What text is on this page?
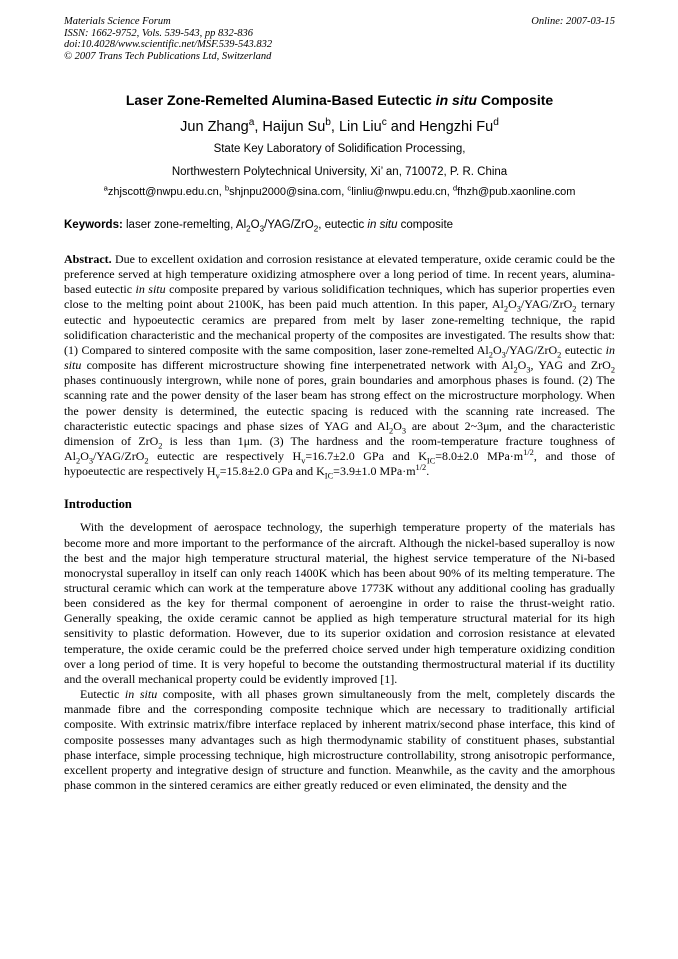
Materials Science Forum
ISSN: 1662-9752, Vols. 539-543, pp 832-836
doi:10.4028/www.scientific.net/MSF.539-543.832
© 2007 Trans Tech Publications Ltd, Switzerland
Online: 2007-03-15
Laser Zone-Remelted Alumina-Based Eutectic in situ Composite
Jun Zhang$^a$, Haijun Su$^b$, Lin Liu$^c$ and Hengzhi Fu$^d$
State Key Laboratory of Solidification Processing,
Northwestern Polytechnical University, Xi’ an, 710072, P. R. China
$^a$zhjscott@nwpu.edu.cn, $^b$shjnpu2000@sina.com, $^c$linliu@nwpu.edu.cn, $^d$fhzh@pub.xaonline.com
Keywords: laser zone-remelting, $Al_2O_3/YAG/ZrO_2$, eutectic in situ composite

Abstract. Due to excellent oxidation and corrosion resistance at elevated temperature, oxide ceramic could be the preference served at high temperature oxidizing atmosphere over a long period of time. In recent years, alumina-based eutectic in situ composite prepared by various solidification techniques, which has superior properties even close to the melting point about 2100K, has been paid much attention. In this paper, $Al_2O_3/YAG/ZrO_2$ ternary eutectic and hypoeutectic ceramics are prepared from melt by laser zone-remelting technique, the rapid solidification characteristic and the mechanical property of the composites are investigated. The results show that: (1) Compared to sintered composite with the same composition, laser zone-remelted $Al_2O_3/YAG/ZrO_2$ eutectic in situ composite has different microstructure showing fine interpenetrated network with $Al_2O_3$, YAG and ZrO$_2$ phases continuously intergrown, while none of pores, grain boundaries and amorphous phases is found. (2) The scanning rate and the power density of the laser beam has strong effect on the microstructure morphology. When the power density is determined, the eutectic spacing is reduced with the scanning rate increased. The characteristic eutectic spacings and phase sizes of YAG and $Al_2O_3$ are about 2~3μm, and the characteristic dimension of ZrO$_2$ is less than 1μm. (3) The hardness and the room-temperature fracture toughness of $Al_2O_3/YAG/ZrO_2$ eutectic are respectively $H_v=16.7\pm 2.0$ GPa and $K_{IC}=8.0\pm 2.0$ $MPa\cdot m^{1/2}$, and those of hypoeutectic are respectively $H_v=15.8\pm 2.0$ GPa and $K_{IC}=3.9\pm 1.0$ $MPa\cdot m^{1/2}$.

Introduction

With the development of aerospace technology, the superhigh temperature property of the materials has become more and more important to the performance of the aircraft. Although the nickel-based superalloy is now the best and the major high temperature structural material, the highest service temperature of the Ni-based monocrystal superalloy in itself can only reach 1400K which has been about 90% of its melting temperature. The structural ceramic which can work at the temperature above 1773K without any additional cooling has gradually been considered as the key for thermal component of aeroengine in order to raise the thrust-weight ratio. Generally speaking, the oxide ceramic cannot be applied as high temperature structural material for its high sensitivity to plastic deformation. However, due to its superior oxidation and corrosion resistance at elevated temperature, the oxide ceramic could be the preferred choice served under high temperature oxidizing condition over a long period of time. It is very hopeful to become the outstanding thermostructural material if its ductility and the overall mechanical property could be evidently improved [1].

Eutectic in situ composite, with all phases grown simultaneously from the melt, completely discards the manmade fibre and the corresponding composite technique which are necessary to traditionally artificial composite. With extrinsic matrix/fibre interface replaced by inherent matrix/second phase interface, this kind of composite possesses many advantages such as high thermodynamic stability of constituent phases, substantial phase interface, simple processing technique, high microstructure controllability, strong anisotropic performance, excellent property and integrative design of structure and function. Meanwhile, as the cavity and the amorphous phase common in the sintered ceramics are either greatly reduced or even eliminated, the density and the
